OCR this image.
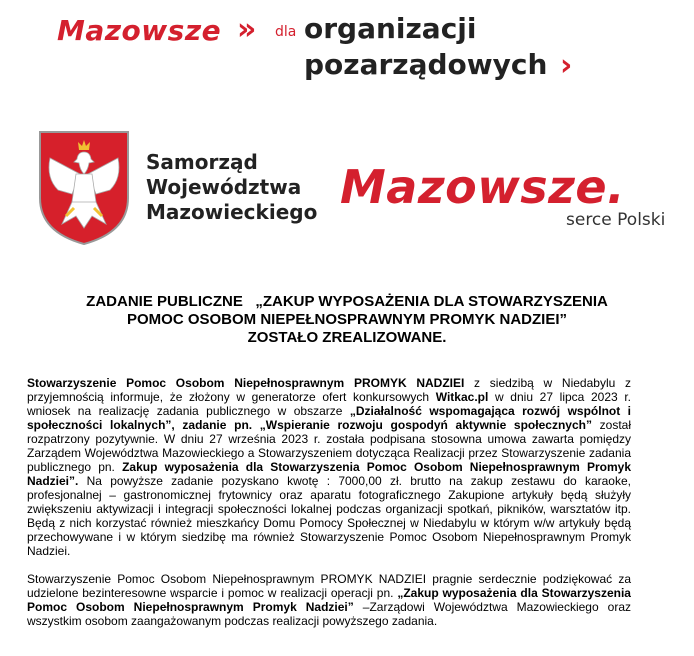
Mazowsze » dla organizacji
pozarządowych ›
Samorząd
Województwa
Mazowieckiego Mazowsze.
serce Polski
ZADANIE PUBLICZNE   „ZAKUP WYPOSAŻENIA DLA STOWARZYSZENIA
POMOC OSOBOM NIEPEŁNOSPRAWNYM PROMYK NADZIEI”
ZOSTAŁO ZREALIZOWANE.

Stowarzyszenie Pomoc Osobom Niepełnosprawnym PROMYK NADZIEI z siedzibą w Niedabylu z przyjemnością informuje, że złożony w generatorze ofert konkursowych Witkac.pl w dniu 27 lipca 2023 r. wniosek na realizację zadania publicznego w obszarze „Działalność wspomagająca rozwój wspólnot i społeczności lokalnych”, zadanie pn. „Wspieranie rozwoju gospodyń aktywnie społecznych” został rozpatrzony pozytywnie. W dniu 27 września 2023 r. została podpisana stosowna umowa zawarta pomiędzy Zarządem Województwa Mazowieckiego a Stowarzyszeniem dotycząca Realizacji przez Stowarzyszenie zadania publicznego pn. Zakup wyposażenia dla Stowarzyszenia Pomoc Osobom Niepełnosprawnym Promyk Nadziei”. Na powyższe zadanie pozyskano kwotę : 7000,00 zł. brutto na zakup zestawu do karaoke, profesjonalnej – gastronomicznej frytownicy oraz aparatu fotograficznego Zakupione artykuły będą służyły zwiększeniu aktywizacji i integracji społeczności lokalnej podczas organizacji spotkań, pikników, warsztatów itp. Będą z nich korzystać również mieszkańcy Domu Pomocy Społecznej w Niedabylu w którym w/w artykuły będą przechowywane i w którym siedzibę ma również Stowarzyszenie Pomoc Osobom Niepełnosprawnym Promyk Nadziei.

Stowarzyszenie Pomoc Osobom Niepełnosprawnym PROMYK NADZIEI pragnie serdecznie podziękować za udzielone bezinteresowne wsparcie i pomoc w realizacji operacji pn. „Zakup wyposażenia dla Stowarzyszenia Pomoc Osobom Niepełnosprawnym Promyk Nadziei” –Zarządowi Województwa Mazowieckiego oraz wszystkim osobom zaangażowanym podczas realizacji powyższego zadania.
